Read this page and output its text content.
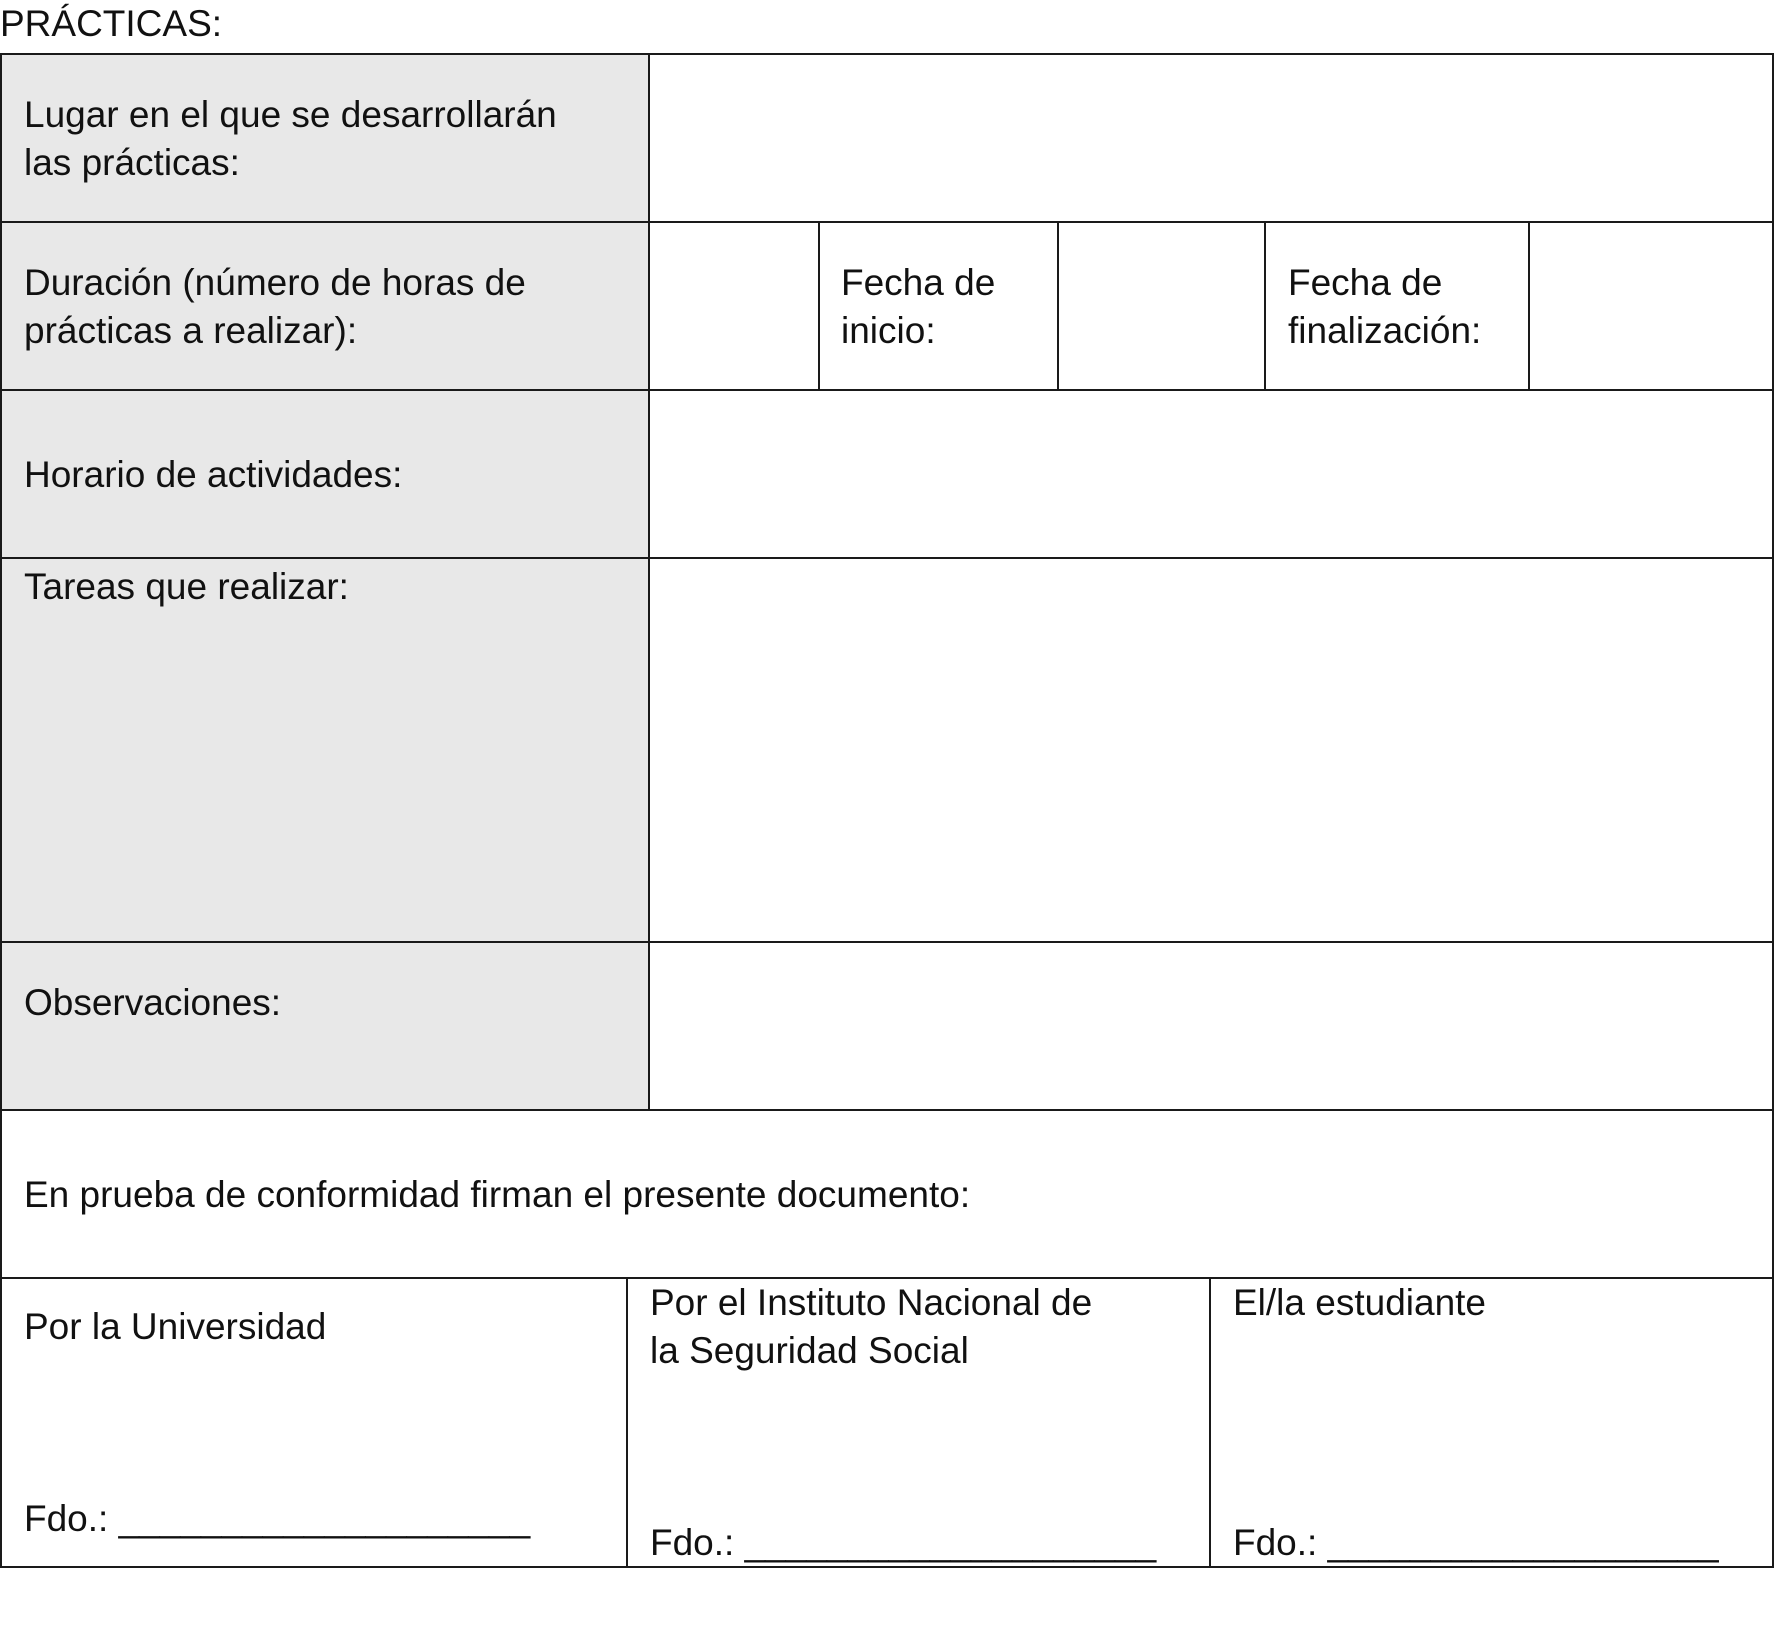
PRÁCTICAS:
Lugar en el que se desarrollarán
las prácticas:
Duración (número de horas de
prácticas a realizar):
Fecha de
inicio:
Fecha de
finalización:
Horario de actividades:
Tareas que realizar:
Observaciones:
En prueba de conformidad firman el presente documento:
Por la Universidad
Fdo.: ____________________
Por el Instituto Nacional de
la Seguridad Social
Fdo.: ____________________
El/la estudiante
Fdo.: ___________________
